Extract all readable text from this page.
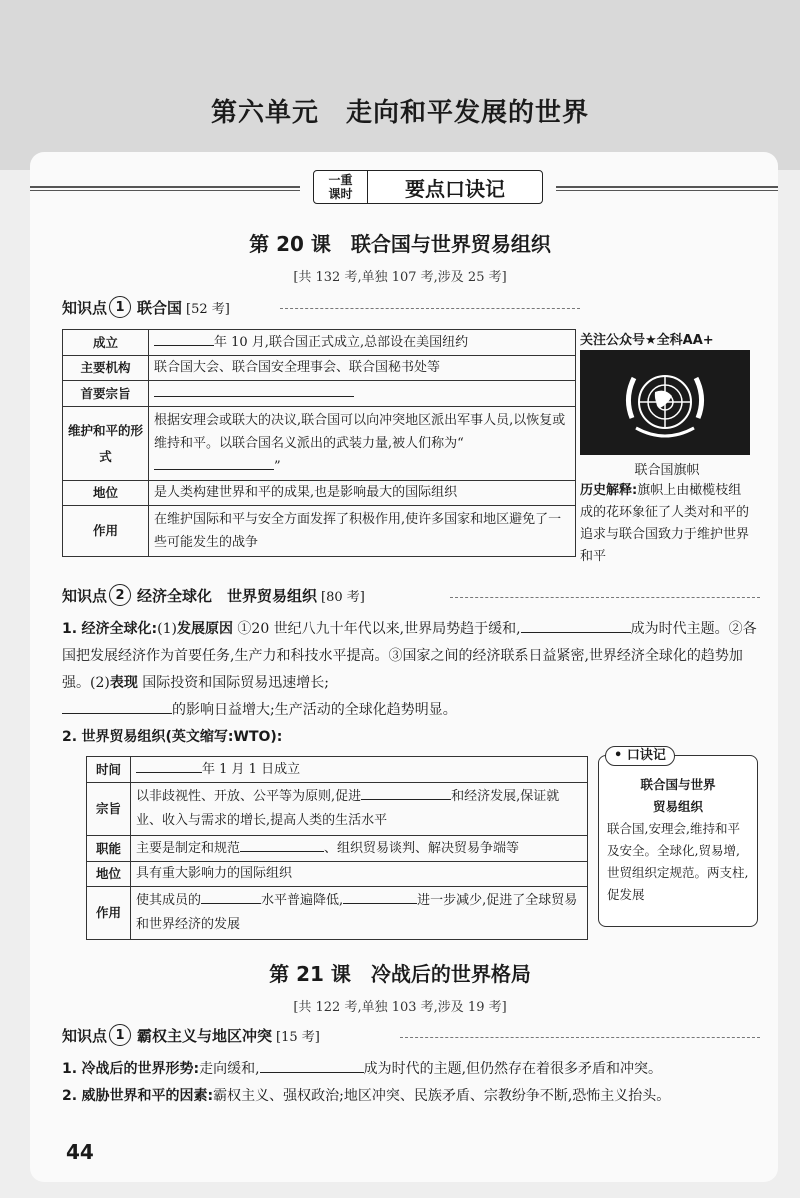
第六单元　走向和平发展的世界
一重
课时	要点口诀记
第 20 课　联合国与世界贸易组织
[共 132 考,单独 107 考,涉及 25 考]
知识点 1 联合国 [52 考]
成立	年 10 月,联合国正式成立,总部设在美国纽约
主要机构	联合国大会、联合国安全理事会、联合国秘书处等
首要宗旨	
维护和平的形式	根据安理会或联大的决议,联合国可以向冲突地区派出军事人员,以恢复或维持和平。以联合国名义派出的武装力量,被人们称为“”
地位	是人类构建世界和平的成果,也是影响最大的国际组织
作用	在维护国际和平与安全方面发挥了积极作用,使许多国家和地区避免了一些可能发生的战争
关注公众号★全科AA+
联合国旗帜
历史解释:旗帜上由橄榄枝组成的花环象征了人类对和平的追求与联合国致力于维护世界和平
知识点 2 经济全球化　世界贸易组织 [80 考]
1. 经济全球化:(1)发展原因 ①20 世纪八九十年代以来,世界局势趋于缓和,	成为时代主题。②各国把发展经济作为首要任务,生产力和科技水平提高。③国家之间的经济联系日益紧密,世界经济全球化的趋势加强。(2)表现 国际投资和国际贸易迅速增长;
的影响日益增大;生产活动的全球化趋势明显。
2. 世界贸易组织(英文缩写:WTO):
时间	年 1 月 1 日成立
宗旨	以非歧视性、开放、公平等为原则,促进 和经济发展,保证就业、收入与需求的增长,提高人类的生活水平
职能	主要是制定和规范 、组织贸易谈判、解决贸易争端等
地位	具有重大影响力的国际组织
作用	使其成员的 水平普遍降低, 进一步减少,促进了全球贸易和世界经济的发展
• 口诀记
联合国与世界
贸易组织
联合国,安理会,维持和平及安全。全球化,贸易增,世贸组织定规范。两支柱,促发展
第 21 课　冷战后的世界格局
[共 122 考,单独 103 考,涉及 19 考]
知识点 1 霸权主义与地区冲突 [15 考]
1. 冷战后的世界形势:走向缓和,	成为时代的主题,但仍然存在着很多矛盾和冲突。
2. 威胁世界和平的因素:霸权主义、强权政治;地区冲突、民族矛盾、宗教纷争不断,恐怖主义抬头。
44
